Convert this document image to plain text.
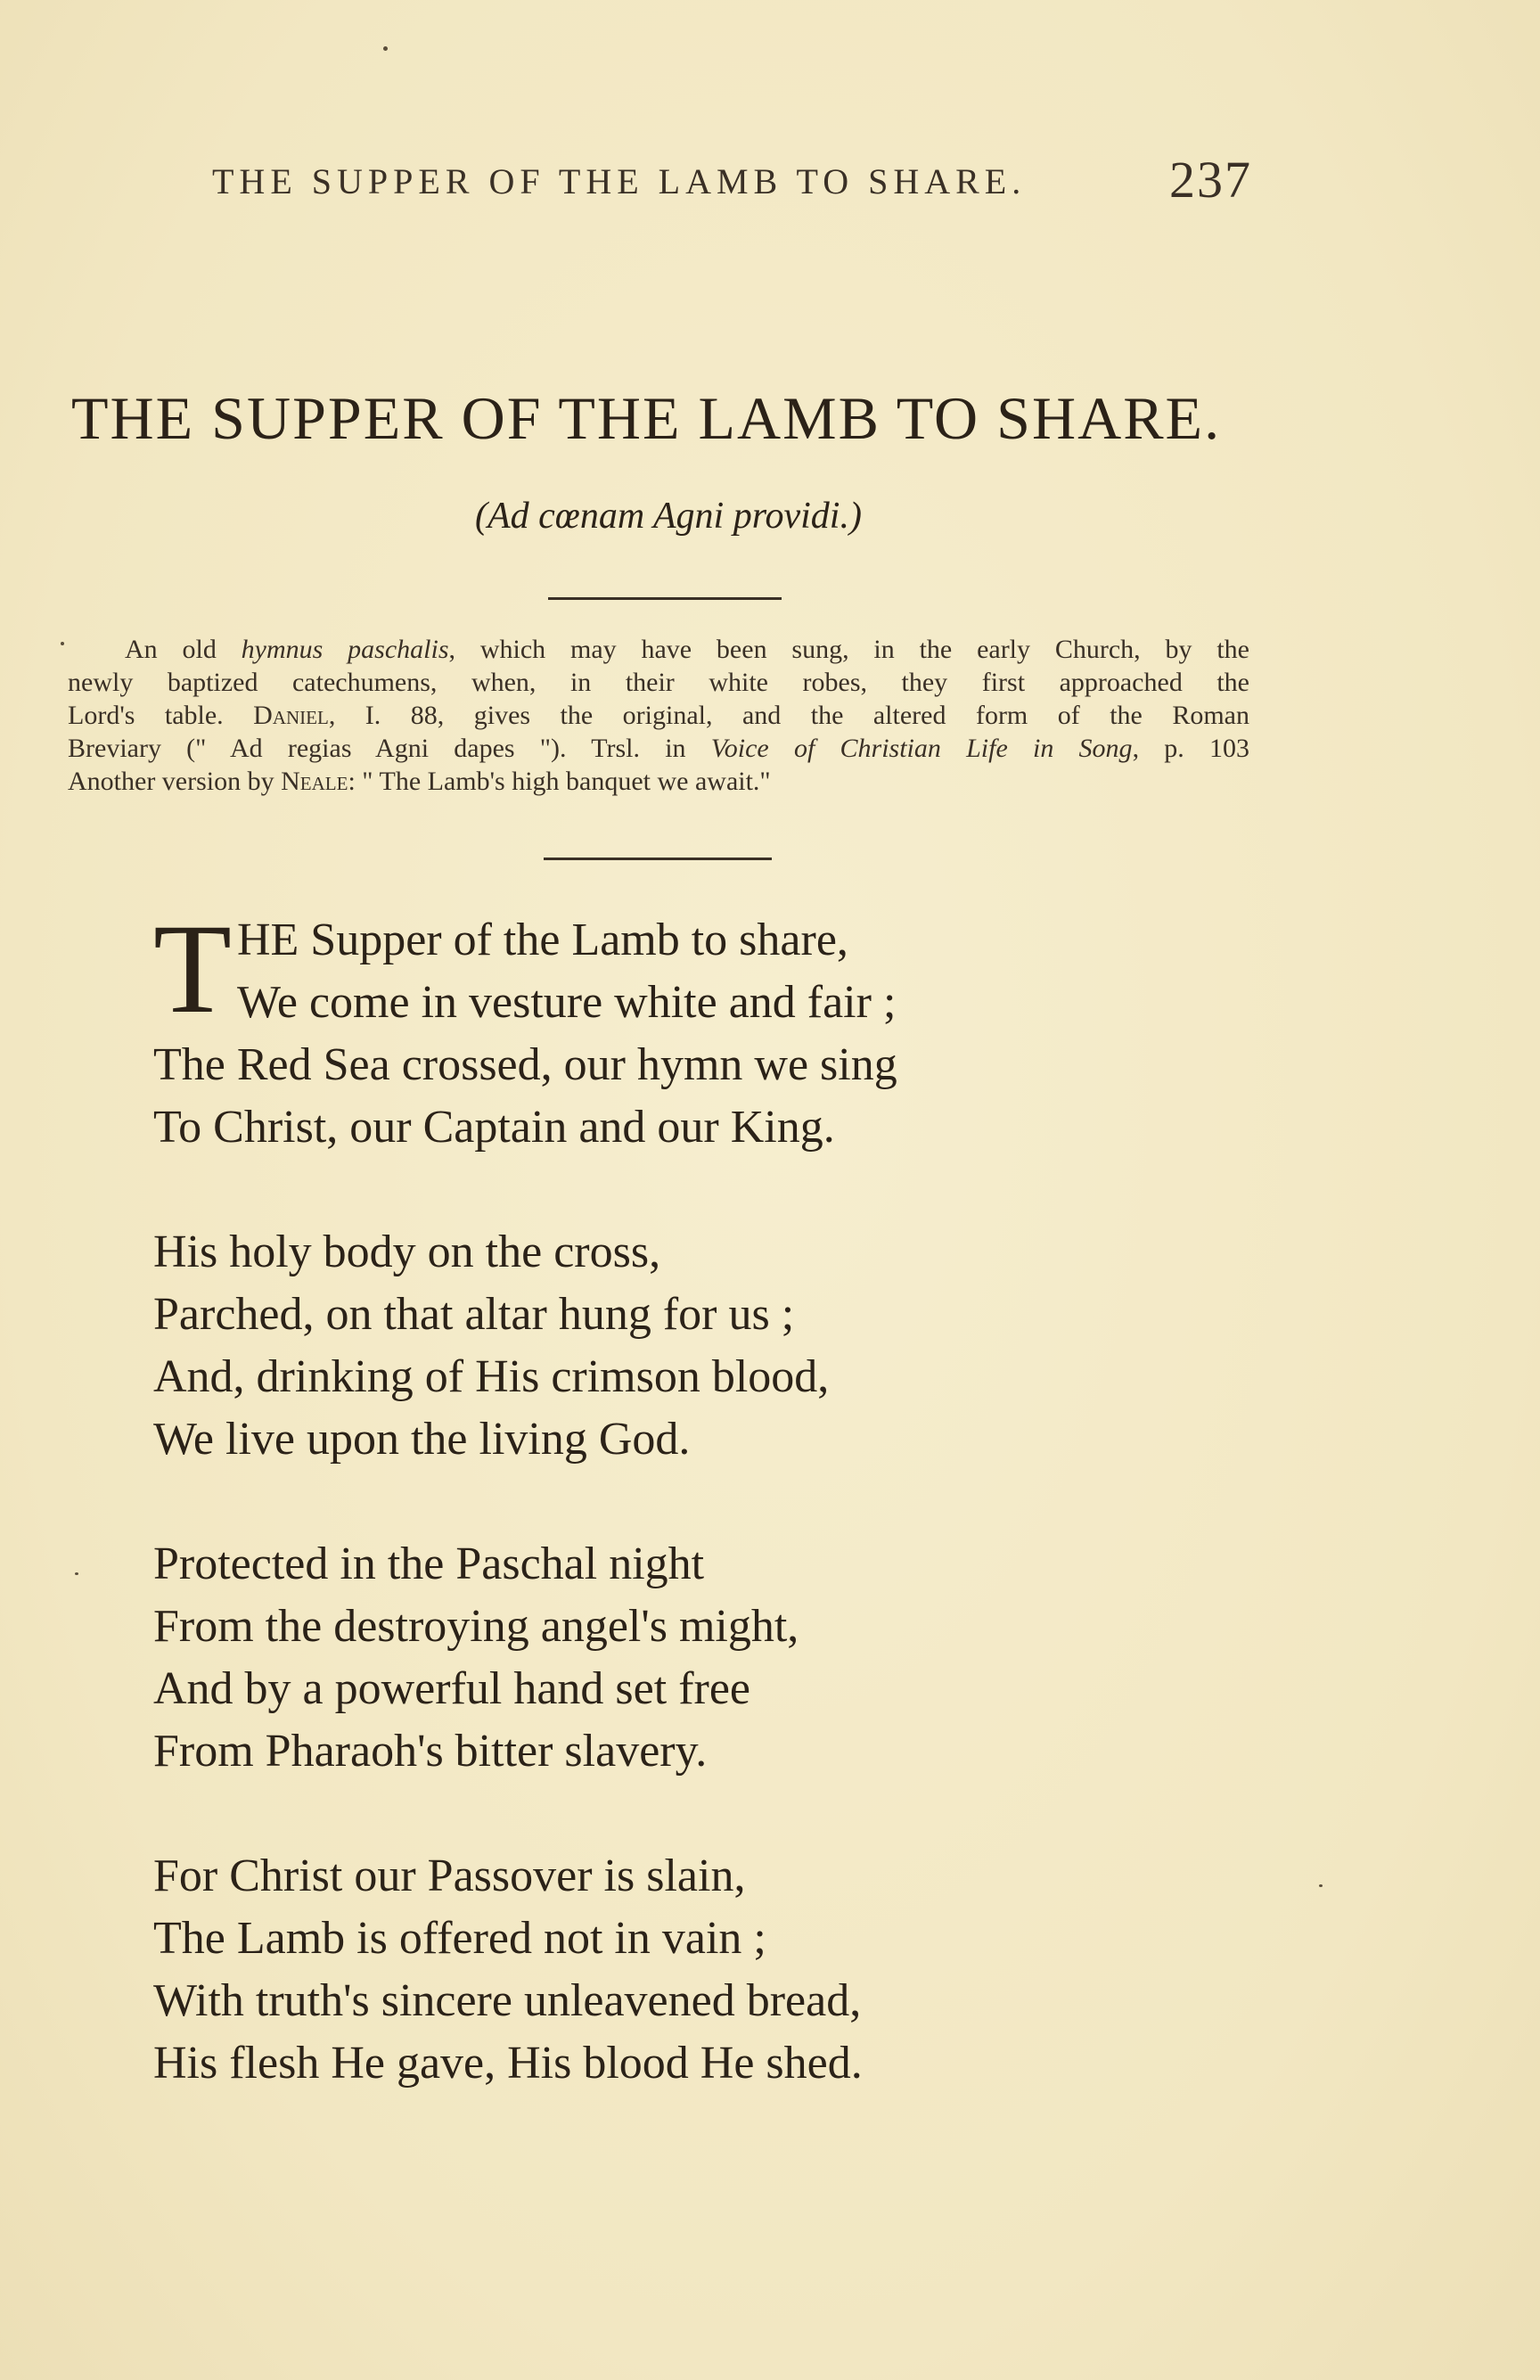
THE SUPPER OF THE LAMB TO SHARE.	237
THE SUPPER OF THE LAMB TO SHARE.
(Ad cœnam Agni providi.)
An old hymnus paschalis, which may have been sung, in the early Church, by the
newly baptized catechumens, when, in their white robes, they first approached the
Lord's table. Daniel, I. 88, gives the original, and the altered form of the Roman
Breviary (" Ad regias Agni dapes "). Trsl. in Voice of Christian Life in Song, p. 103
Another version by Neale: " The Lamb's high banquet we await."
T HE Supper of the Lamb to share,
We come in vesture white and fair ;
The Red Sea crossed, our hymn we sing
To Christ, our Captain and our King.
His holy body on the cross,
Parched, on that altar hung for us ;
And, drinking of His crimson blood,
We live upon the living God.
Protected in the Paschal night
From the destroying angel's might,
And by a powerful hand set free
From Pharaoh's bitter slavery.
For Christ our Passover is slain,
The Lamb is offered not in vain ;
With truth's sincere unleavened bread,
His flesh He gave, His blood He shed.
